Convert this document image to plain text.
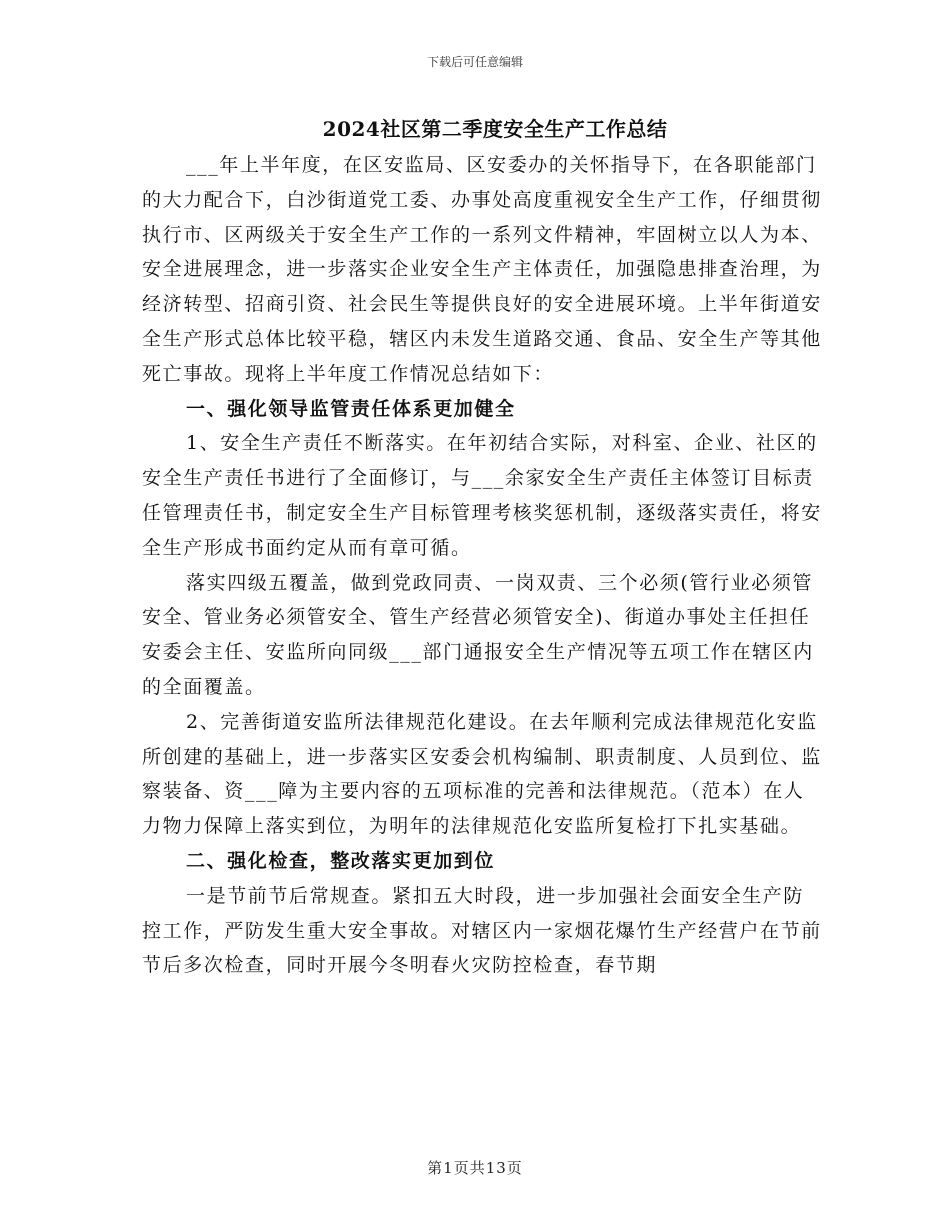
下载后可任意编辑
2024社区第二季度安全生产工作总结

___年上半年度，在区安监局、区安委办的关怀指导下，在各职能部门的大力配合下，白沙街道党工委、办事处高度重视安全生产工作，仔细贯彻执行市、区两级关于安全生产工作的一系列文件精神，牢固树立以人为本、安全进展理念，进一步落实企业安全生产主体责任，加强隐患排查治理，为经济转型、招商引资、社会民生等提供良好的安全进展环境。上半年街道安全生产形式总体比较平稳，辖区内未发生道路交通、食品、安全生产等其他死亡事故。现将上半年度工作情况总结如下：

一、强化领导监管责任体系更加健全

1、安全生产责任不断落实。在年初结合实际，对科室、企业、社区的安全生产责任书进行了全面修订，与___余家安全生产责任主体签订目标责任管理责任书，制定安全生产目标管理考核奖惩机制，逐级落实责任，将安全生产形成书面约定从而有章可循。

落实四级五覆盖，做到党政同责、一岗双责、三个必须(管行业必须管安全、管业务必须管安全、管生产经营必须管安全)、街道办事处主任担任安委会主任、安监所向同级___部门通报安全生产情况等五项工作在辖区内的全面覆盖。

2、完善街道安监所法律规范化建设。在去年顺利完成法律规范化安监所创建的基础上，进一步落实区安委会机构编制、职责制度、人员到位、监察装备、资___障为主要内容的五项标准的完善和法律规范。（范本）在人力物力保障上落实到位，为明年的法律规范化安监所复检打下扎实基础。

二、强化检查，整改落实更加到位

一是节前节后常规查。紧扣五大时段，进一步加强社会面安全生产防控工作，严防发生重大安全事故。对辖区内一家烟花爆竹生产经营户在节前节后多次检查，同时开展今冬明春火灾防控检查，春节期

第1页共13页
